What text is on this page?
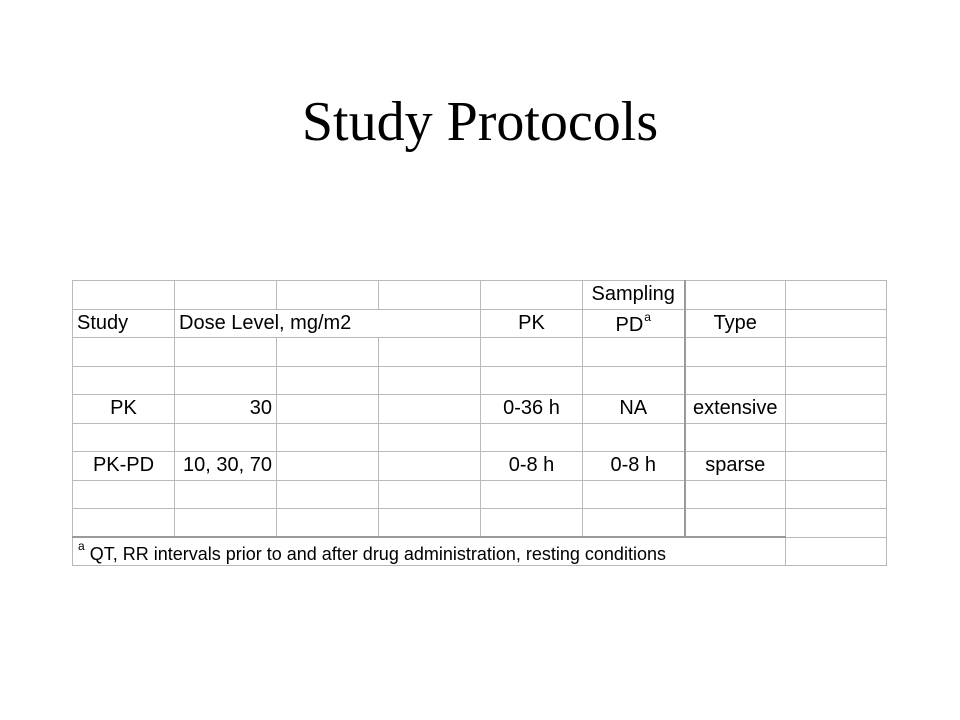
Study Protocols
					Sampling		
Study	Dose Level, mg/m2			PK	PD$^a$	Type	

PK	30			0-36 h	NA	extensive	

PK-PD	10, 30, 70			0-8 h	0-8 h	sparse	

$^a$ QT, RR intervals prior to and after drug administration, resting conditions							
